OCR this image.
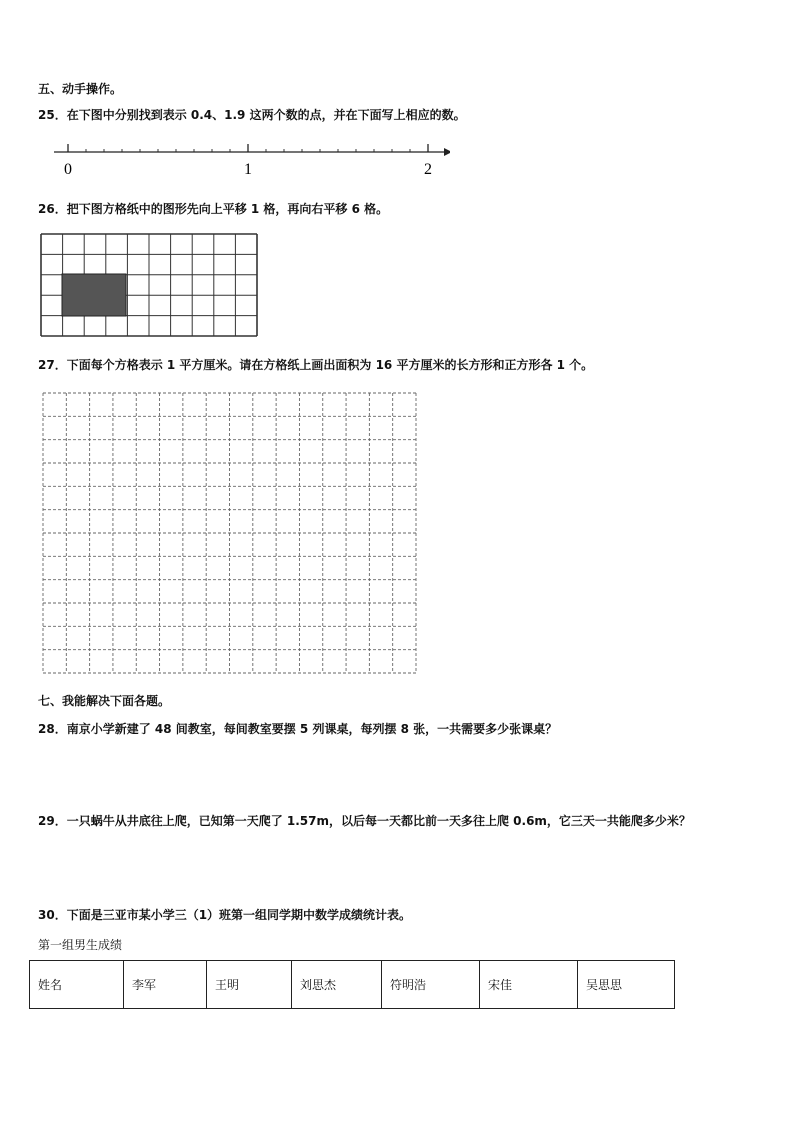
五、动手操作。
25．在下图中分别找到表示 0.4、1.9 这两个数的点，并在下面写上相应的数。
0	1	2
26．把下图方格纸中的图形先向上平移 1 格，再向右平移 6 格。
27．下面每个方格表示 1 平方厘米。请在方格纸上画出面积为 16 平方厘米的长方形和正方形各 1 个。
七、我能解决下面各题。
28．南京小学新建了 48 间教室，每间教室要摆 5 列课桌，每列摆 8 张，一共需要多少张课桌？
29．一只蜗牛从井底往上爬，已知第一天爬了 1.57m，以后每一天都比前一天多往上爬 0.6m，它三天一共能爬多少米？
30．下面是三亚市某小学三（1）班第一组同学期中数学成绩统计表。
第一组男生成绩
姓名	李军	王明	刘思杰	符明浩	宋佳	吴思思
